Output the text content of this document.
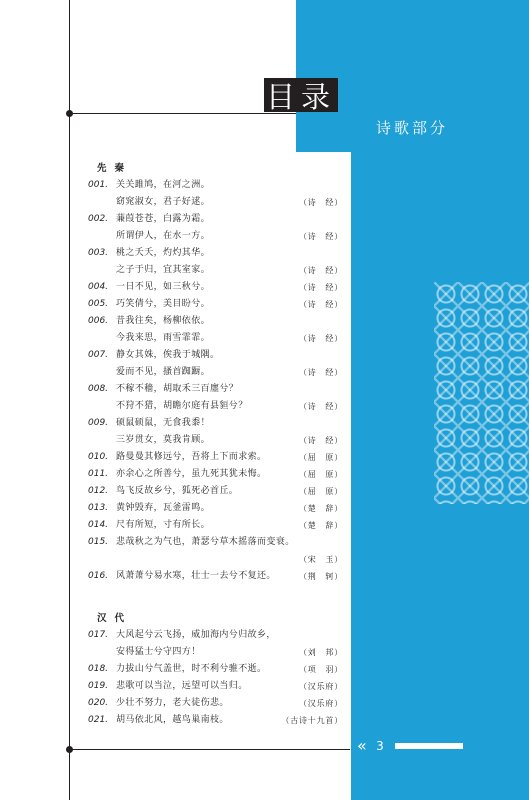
目录
诗歌部分
先秦
001. 关关雎鸠，在河之洲。
窈窕淑女，君子好逑。	（诗　经）
002. 蒹葭苍苍，白露为霜。
所谓伊人，在水一方。	（诗　经）
003. 桃之夭夭，灼灼其华。
之子于归，宜其室家。	（诗　经）
004. 一日不见，如三秋兮。	（诗　经）
005. 巧笑倩兮，美目盼兮。	（诗　经）
006. 昔我往矣，杨柳依依。
今我来思，雨雪霏霏。	（诗　经）
007. 静女其姝，俟我于城隅。
爱而不见，搔首踟蹰。	（诗　经）
008. 不稼不穑，胡取禾三百廛兮？
不狩不猎，胡瞻尔庭有县貆兮？	（诗　经）
009. 硕鼠硕鼠，无食我黍！
三岁贯女，莫我肯顾。	（诗　经）
010. 路曼曼其修远兮，吾将上下而求索。	（屈　原）
011. 亦余心之所善兮，虽九死其犹未悔。	（屈　原）
012. 鸟飞反故乡兮，狐死必首丘。	（屈　原）
013. 黄钟毁弃，瓦釜雷鸣。	（楚　辞）
014. 尺有所短，寸有所长。	（楚　辞）
015. 悲哉秋之为气也，萧瑟兮草木摇落而变衰。
（宋　玉）
016. 风萧萧兮易水寒，壮士一去兮不复还。	（荆　轲）
汉代
017. 大风起兮云飞扬，威加海内兮归故乡，
安得猛士兮守四方！	（刘　邦）
018. 力拔山兮气盖世，时不利兮骓不逝。	（项　羽）
019. 悲歌可以当泣，远望可以当归。	（汉乐府）
020. 少壮不努力，老大徒伤悲。	（汉乐府）
021. 胡马依北风，越鸟巢南枝。	（古诗十九首）
« 3
